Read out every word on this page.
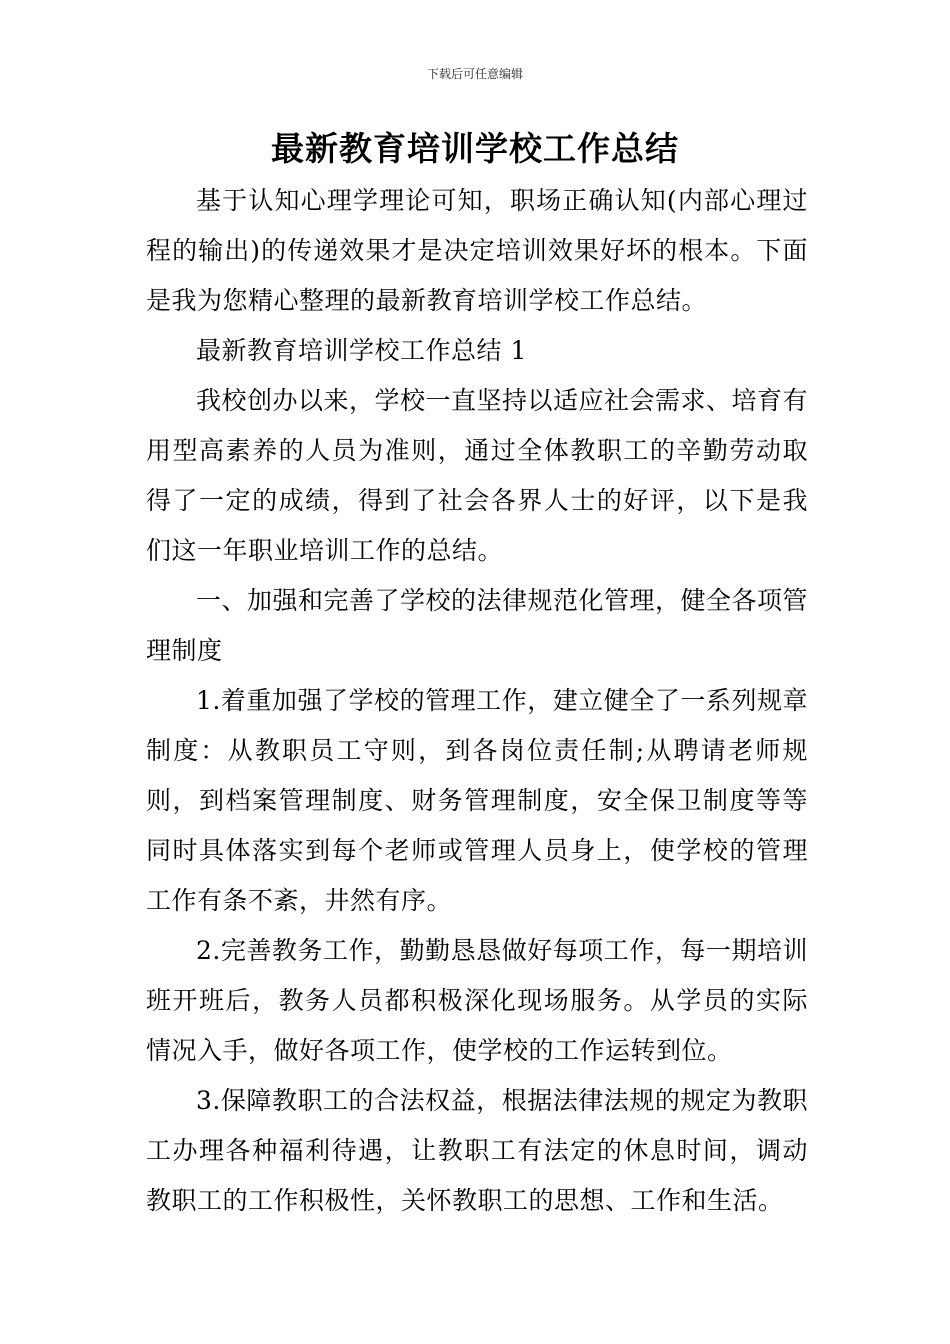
下载后可任意编辑
最新教育培训学校工作总结

基于认知心理学理论可知，职场正确认知(内部心理过程的输出)的传递效果才是决定培训效果好坏的根本。下面是我为您精心整理的最新教育培训学校工作总结。

最新教育培训学校工作总结 1

我校创办以来，学校一直坚持以适应社会需求、培育有用型高素养的人员为准则，通过全体教职工的辛勤劳动取得了一定的成绩，得到了社会各界人士的好评，以下是我们这一年职业培训工作的总结。

一、加强和完善了学校的法律规范化管理，健全各项管理制度

1.着重加强了学校的管理工作，建立健全了一系列规章制度：从教职员工守则，到各岗位责任制;从聘请老师规则，到档案管理制度、财务管理制度，安全保卫制度等等同时具体落实到每个老师或管理人员身上，使学校的管理工作有条不紊，井然有序。

2.完善教务工作，勤勤恳恳做好每项工作，每一期培训班开班后，教务人员都积极深化现场服务。从学员的实际情况入手，做好各项工作，使学校的工作运转到位。

3.保障教职工的合法权益，根据法律法规的规定为教职工办理各种福利待遇，让教职工有法定的休息时间，调动教职工的工作积极性，关怀教职工的思想、工作和生活。
